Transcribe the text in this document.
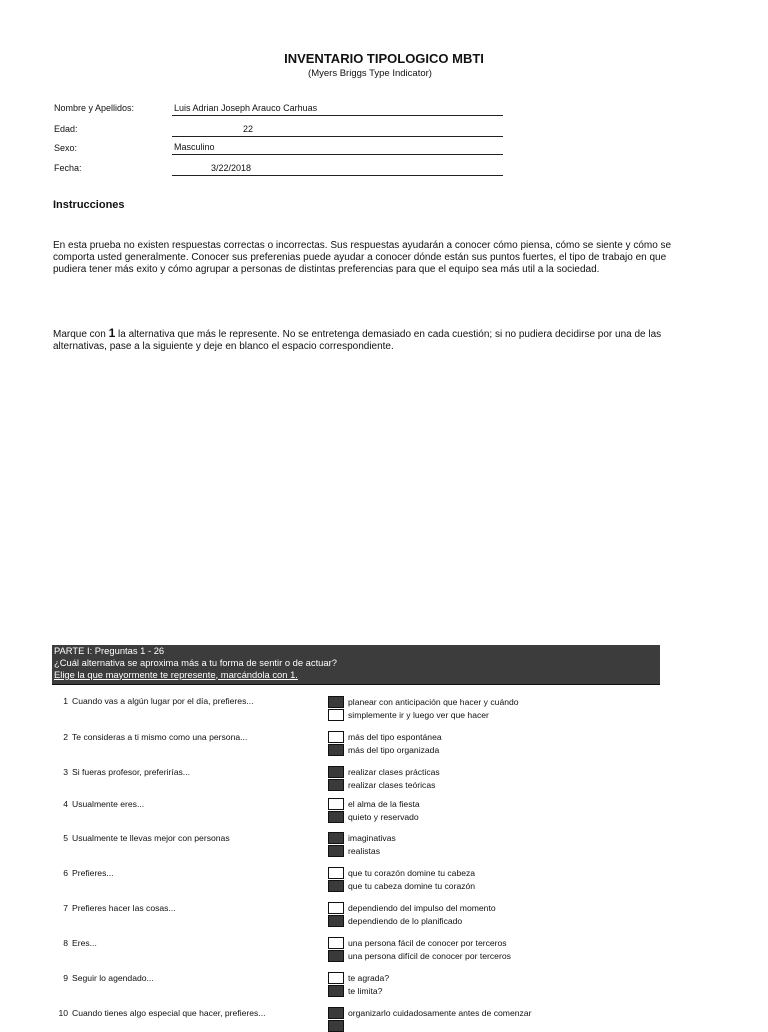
INVENTARIO TIPOLOGICO MBTI
(Myers Briggs Type Indicator)
Nombre y Apellidos:	Luis Adrian Joseph Arauco Carhuas
Edad:	22
Sexo:	Masculino
Fecha:	3/22/2018
Instrucciones
En esta prueba no existen respuestas correctas o incorrectas. Sus respuestas ayudarán a conocer cómo piensa, cómo se siente y cómo se comporta usted generalmente. Conocer sus preferenias puede ayudar a conocer dónde están sus puntos fuertes, el tipo de trabajo en que pudiera tener más exito y cómo agrupar a personas de distintas preferencias para que el equipo sea más util a la sociedad.
Marque con 1 la alternativa que más le represente. No se entretenga demasiado en cada cuestión; si no pudiera decidirse por una de las alternativas, pase a la siguiente y deje en blanco el espacio correspondiente.
PARTE I: Preguntas 1 - 26
¿Cuál alternativa se aproxima más a tu forma de sentir o de actuar?
Elige la que mayormente te represente, marcándola con 1.
1 Cuando vas a algún lugar por el día, prefieres...	planear con anticipación que hacer y cuándo
simplemente ir y luego ver que hacer
2 Te consideras a ti mismo como una persona...	más del tipo espontánea
más del tipo organizada
3 Si fueras profesor, preferirías...	realizar clases prácticas
realizar clases teóricas
4 Usualmente eres...	el alma de la fiesta
quieto y reservado
5 Usualmente te llevas mejor con personas	imaginativas
realistas
6 Prefieres...	que tu corazón domine tu cabeza
que tu cabeza domine tu corazón
7 Prefieres hacer las cosas...	dependiendo del impulso del momento
dependiendo de lo planificado
8 Eres...	una persona fácil de conocer por terceros
una persona difícil de conocer por terceros
9 Seguir lo agendado...	te agrada?
te limita?
10 Cuando tienes algo especial que hacer, prefieres...	organizarlo cuidadosamente antes de comenzar
